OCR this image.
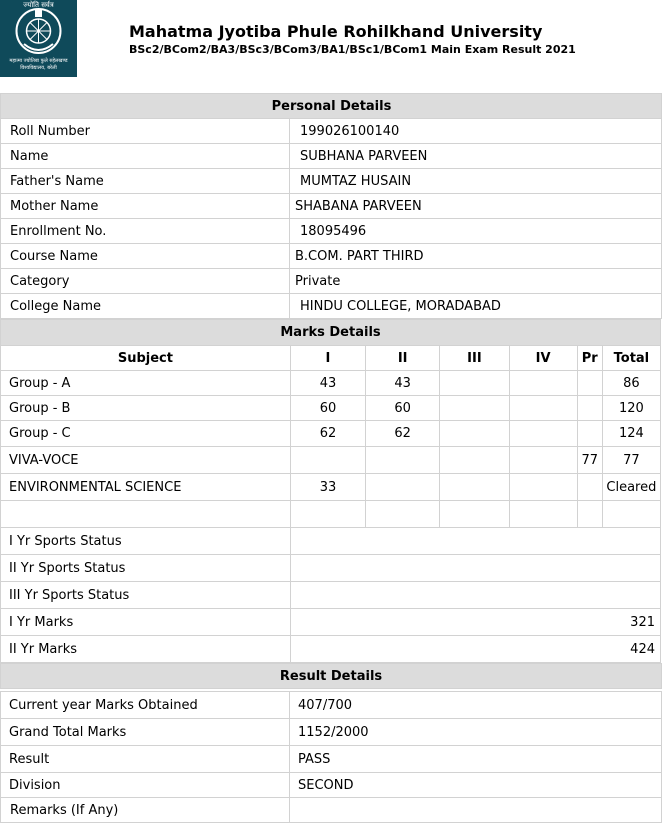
ज्योति सर्वत्र
महात्मा ज्योतिबा फुले रुहेलखण्ड विश्वविद्यालय, बरेली
Mahatma Jyotiba Phule Rohilkhand University
BSc2/BCom2/BA3/BSc3/BCom3/BA1/BSc1/BCom1 Main Exam Result 2021
Personal Details	
Roll Number	199026100140
Name	SUBHANA PARVEEN
Father's Name	MUMTAZ HUSAIN
Mother Name	SHABANA PARVEEN
Enrollment No.	18095496
Course Name	B.COM. PART THIRD
Category	Private
College Name	HINDU COLLEGE, MORADABAD
Marks Details						
Subject	I	II	III	IV	Pr	Total
Group - A	43	43				86
Group - B	60	60				120
Group - C	62	62				124
VIVA-VOCE					77	77
ENVIRONMENTAL SCIENCE	33					Cleared

I Yr Sports Status						
II Yr Sports Status						
III Yr Sports Status						
I Yr Marks	321					
II Yr Marks	424					
Result Details	

Current year Marks Obtained	407/700
Grand Total Marks	1152/2000
Result	PASS
Division	SECOND
Remarks (If Any)	
